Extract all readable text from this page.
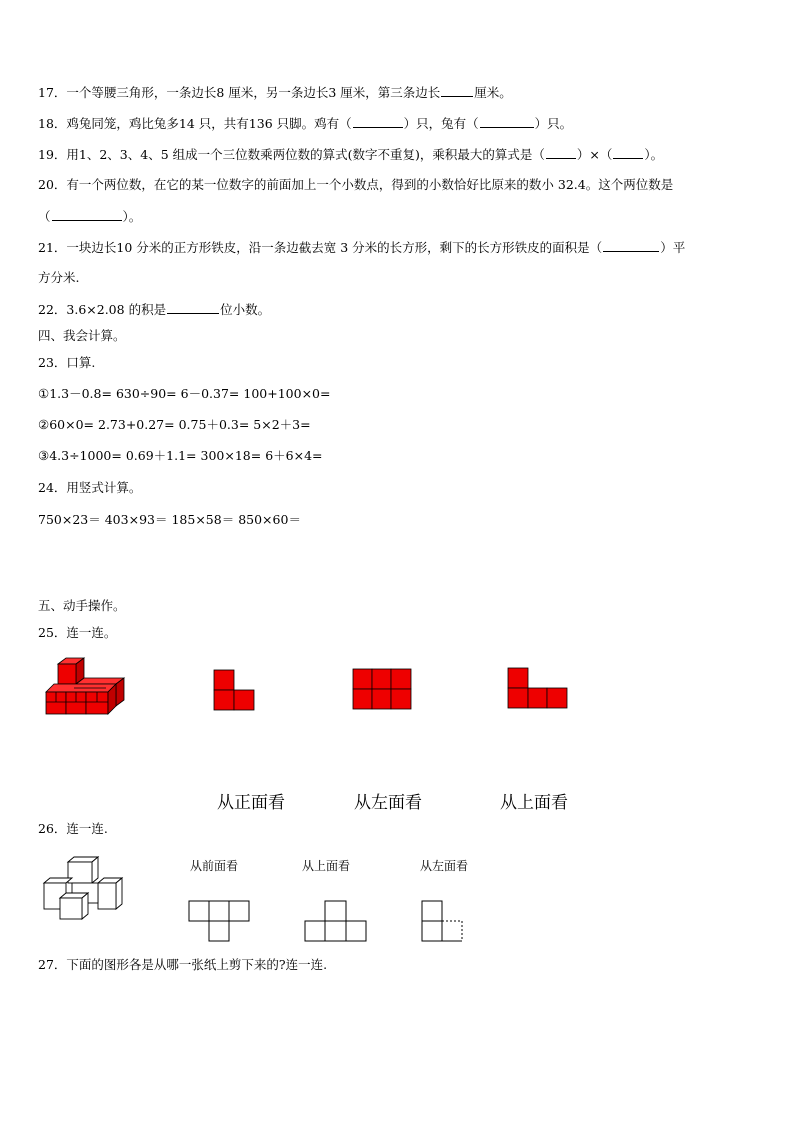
17．一个等腰三角形，一条边长8 厘米，另一条边长3 厘米，第三条边长	厘米。
18．鸡兔同笼，鸡比兔多14 只，共有136 只脚。鸡有（	）只，兔有（	）只。
19．用1、2、3、4、5 组成一个三位数乘两位数的算式(数字不重复)，乘积最大的算式是（	）×（	）。
20．有一个两位数，在它的某一位数字的前面加上一个小数点，得到的小数恰好比原来的数小 32.4。这个两位数是
（	）。
21．一块边长10 分米的正方形铁皮，沿一条边截去宽 3 分米的长方形，剩下的长方形铁皮的面积是（	）平
方分米.
22．3.6×2.08 的积是	位小数。
四、我会计算。
23．口算.
①1.3－0.8= 630÷90= 6－0.37= 100+100×0=
②60×0= 2.73+0.27= 0.75＋0.3= 5×2＋3=
③4.3÷1000= 0.69＋1.1= 300×18= 6＋6×4=
24．用竖式计算。
750×23＝ 403×93＝ 185×58＝ 850×60＝
五、动手操作。
25．连一连。
从正面看	从左面看	从上面看
26．连一连.
从前面看	从上面看	从左面看
27．下面的图形各是从哪一张纸上剪下来的?连一连.
